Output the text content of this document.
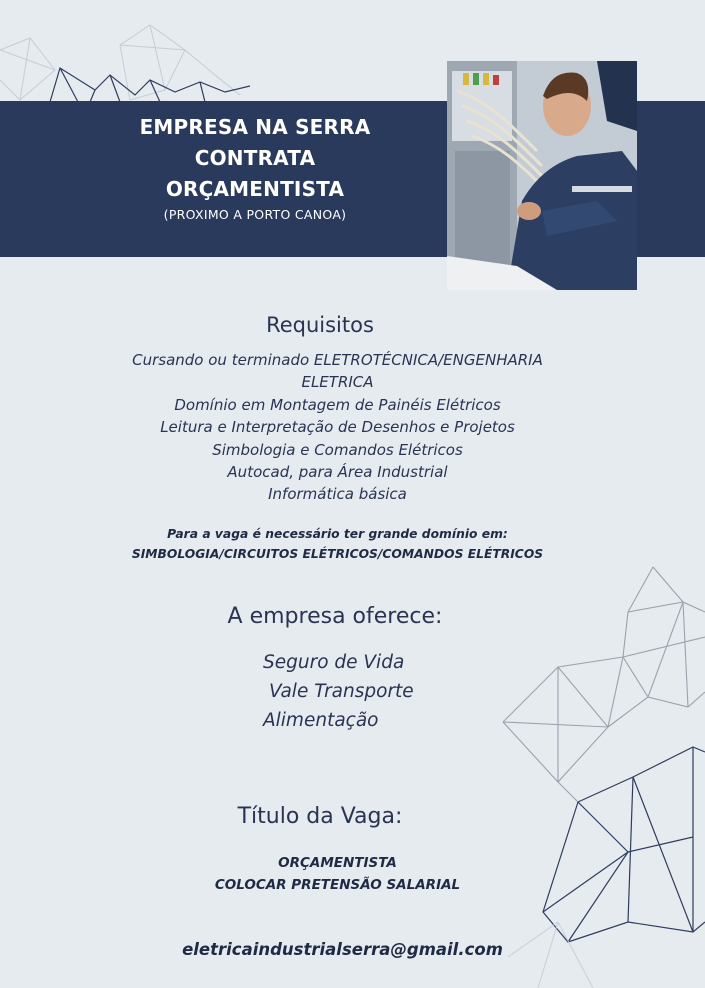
EMPRESA NA SERRA
CONTRATA
ORÇAMENTISTA
(PROXIMO A PORTO CANOA)
Requisitos
Cursando ou terminado ELETROTÉCNICA/ENGENHARIA
ELETRICA
Domínio em Montagem de Painéis Elétricos
Leitura e Interpretação de Desenhos e Projetos
Simbologia e Comandos Elétricos
Autocad, para Área Industrial
Informática básica
Para a vaga é necessário ter grande domínio em:
SIMBOLOGIA/CIRCUITOS ELÉTRICOS/COMANDOS ELÉTRICOS
A empresa oferece:
Seguro de Vida
Vale Transporte
Alimentação
Título da Vaga:
ORÇAMENTISTA
COLOCAR PRETENSÃO SALARIAL
eletricaindustrialserra@gmail.com
